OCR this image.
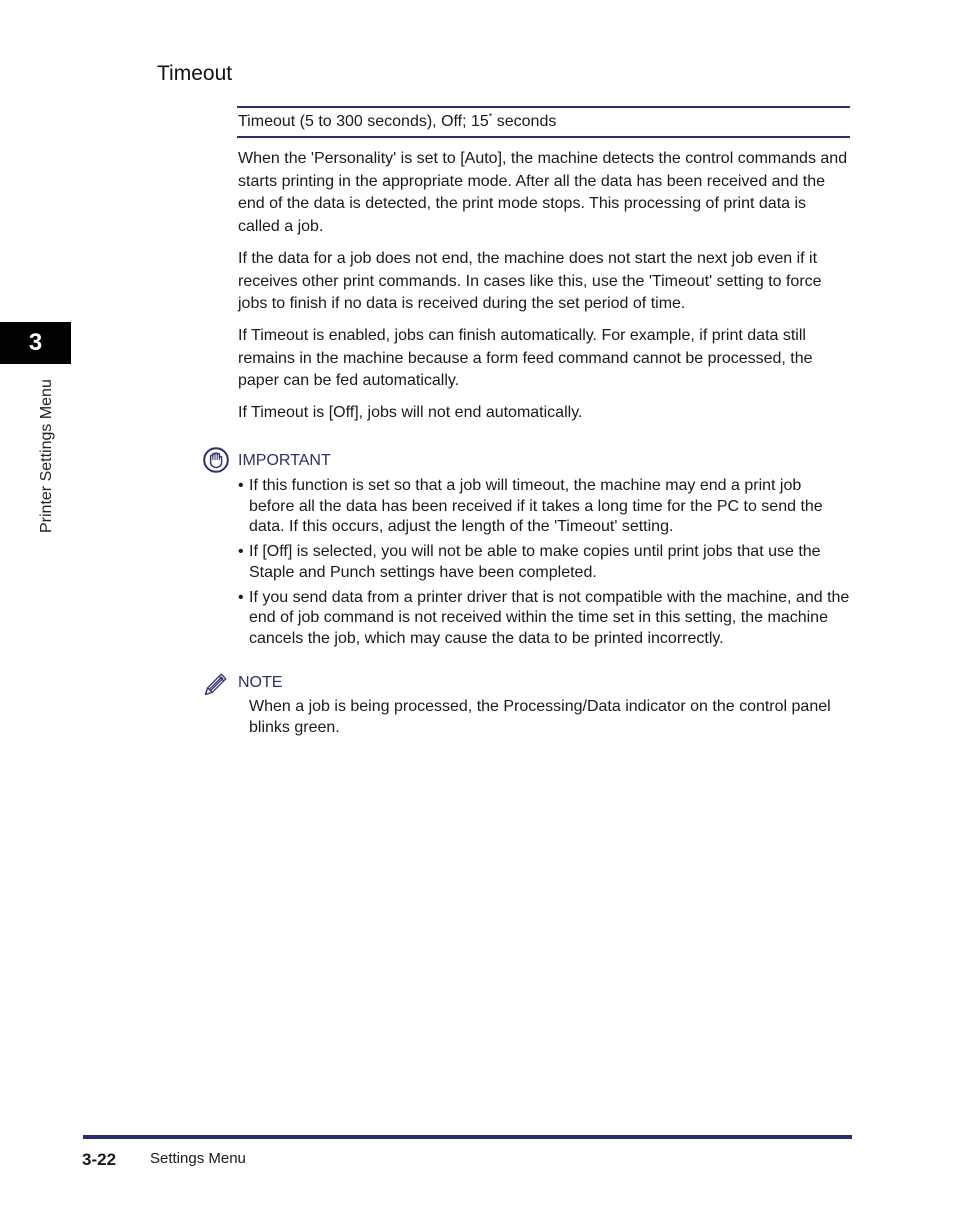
Timeout
Timeout (5 to 300 seconds), Off; 15* seconds

When the 'Personality' is set to [Auto], the machine detects the control commands and starts printing in the appropriate mode. After all the data has been received and the end of the data is detected, the print mode stops. This processing of print data is called a job.

If the data for a job does not end, the machine does not start the next job even if it receives other print commands. In cases like this, use the 'Timeout' setting to force jobs to finish if no data is received during the set period of time.

If Timeout is enabled, jobs can finish automatically. For example, if print data still remains in the machine because a form feed command cannot be processed, the paper can be fed automatically.

If Timeout is [Off], jobs will not end automatically.

IMPORTANT
• If this function is set so that a job will timeout, the machine may end a print job before all the data has been received if it takes a long time for the PC to send the data. If this occurs, adjust the length of the 'Timeout' setting.
• If [Off] is selected, you will not be able to make copies until print jobs that use the Staple and Punch settings have been completed.
• If you send data from a printer driver that is not compatible with the machine, and the end of job command is not received within the time set in this setting, the machine cancels the job, which may cause the data to be printed incorrectly.
NOTE

When a job is being processed, the Processing/Data indicator on the control panel blinks green.

3
Printer Settings Menu
3-22 Settings Menu
